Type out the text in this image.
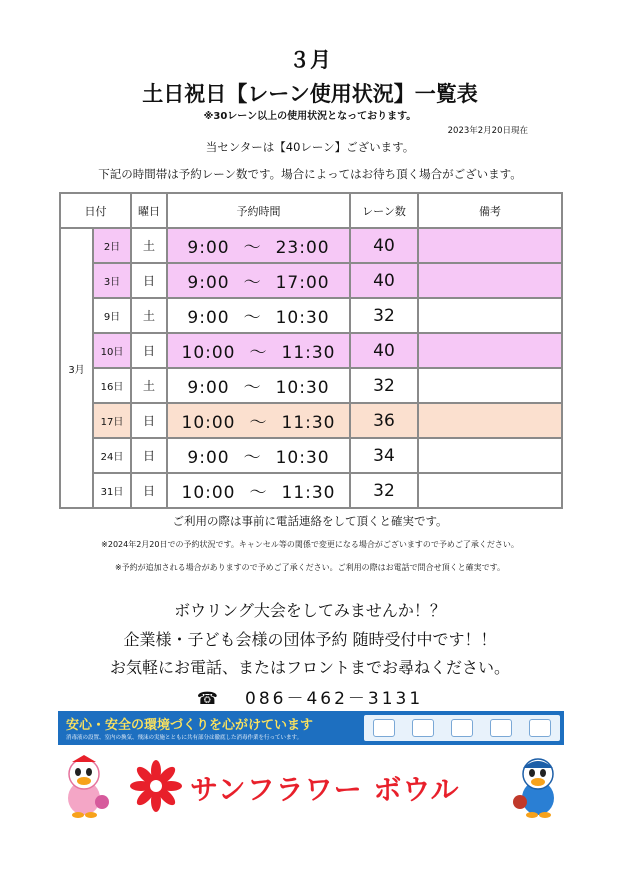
３月
土日祝日【レーン使用状況】一覧表
※30レーン以上の使用状況となっております。
2023年2月20日現在
当センターは【40レーン】ございます。
下記の時間帯は予約レーン数です。場合によってはお待ち頂く場合がございます。
日付		曜日	予約時間	レーン数	備考
3月	2日	土	9:00 ～ 23:00	40	
	3日	日	9:00 ～ 17:00	40	
	9日	土	9:00 ～ 10:30	32	
	10日	日	10:00 ～ 11:30	40	
	16日	土	9:00 ～ 10:30	32	
	17日	日	10:00 ～ 11:30	36	
	24日	日	9:00 ～ 10:30	34	
	31日	日	10:00 ～ 11:30	32	
ご利用の際は事前に電話連絡をして頂くと確実です。
※2024年2月20日での予約状況です。キャンセル等の関係で変更になる場合がございますので予めご了承ください。
※予約が追加される場合がありますので予めご了承ください。ご利用の際はお電話で問合せ頂くと確実です。
ボウリング大会をしてみませんか！？
企業様・子ども会様の団体予約 随時受付中です！！
お気軽にお電話、またはフロントまでお尋ねください。
☎ 086－462－3131
安心・安全の環境づくりを心がけています
消毒液の設置、室内の換気、飛沫の実施とともに共有部分は徹底した消毒作業を行っています。
サンフラワー ボウル
